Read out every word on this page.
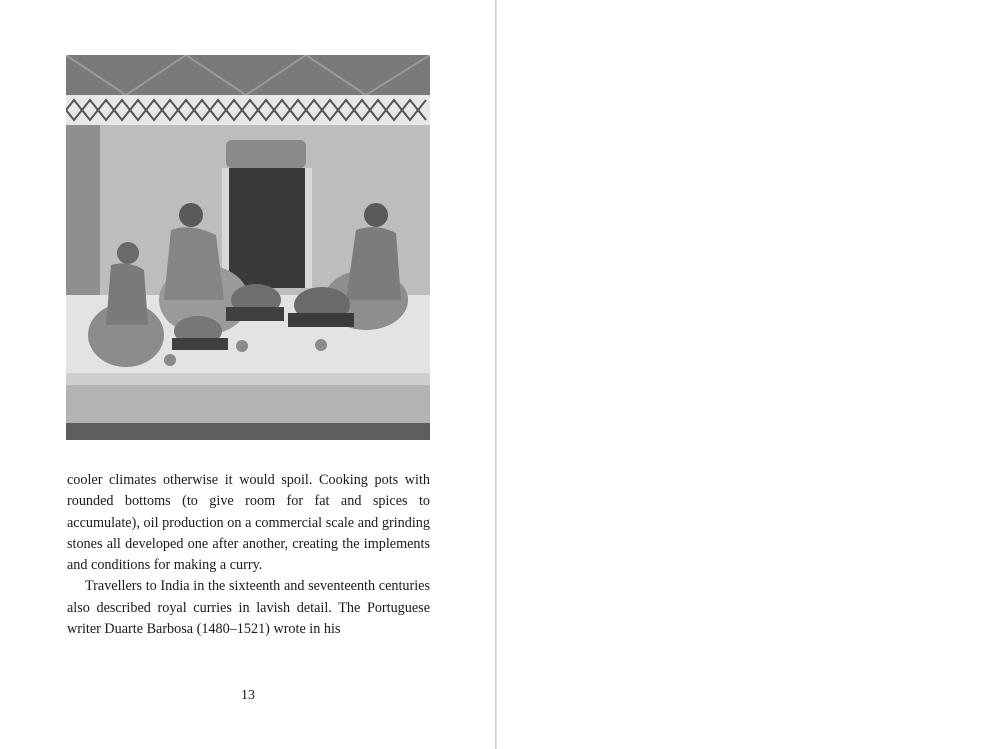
cooler climates otherwise it would spoil. Cooking pots with rounded bottoms (to give room for fat and spices to accumulate), oil production on a commercial scale and grinding stones all developed one after another, creating the implements and conditions for making a curry.

Travellers to India in the sixteenth and seventeenth centuries also described royal curries in lavish detail. The Portuguese writer Duarte Barbosa (1480–1521) wrote in his

13
